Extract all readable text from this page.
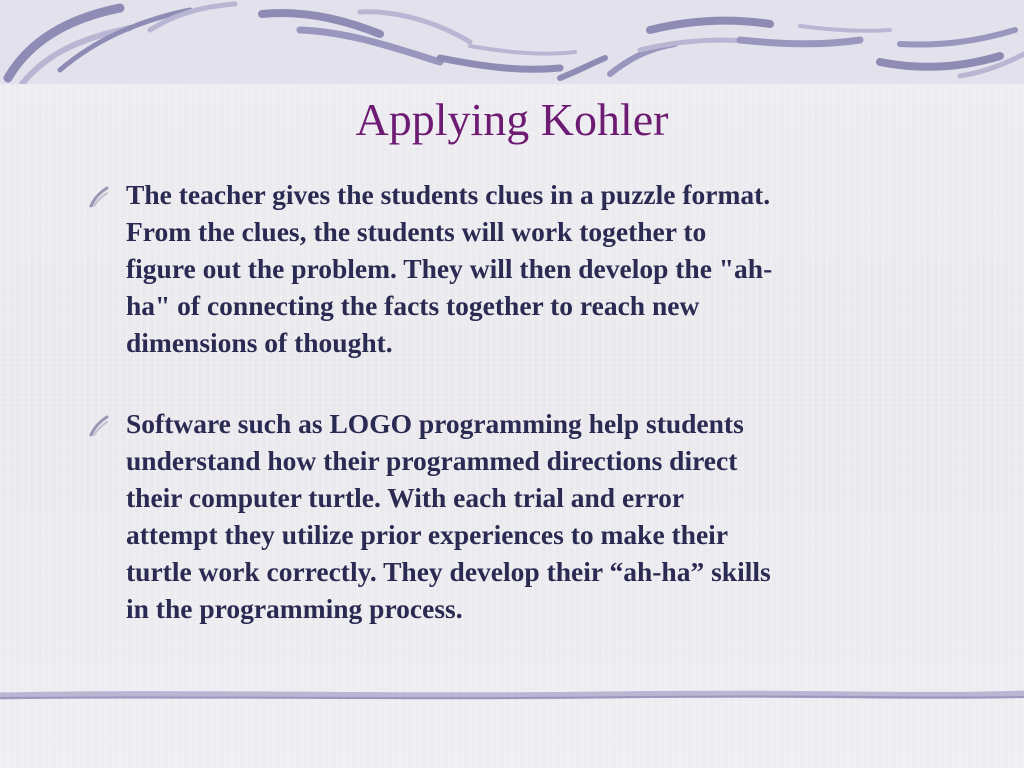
Applying Kohler
The teacher gives the students clues in a puzzle format.
From the clues, the students will work together to
figure out the problem. They will then develop the "ah-
ha" of connecting the facts together to reach new
dimensions of thought.
Software such as LOGO programming help students
understand how their programmed directions direct
their computer turtle. With each trial and error
attempt they utilize prior experiences to make their
turtle work correctly. They develop their “ah-ha” skills
in the programming process.
